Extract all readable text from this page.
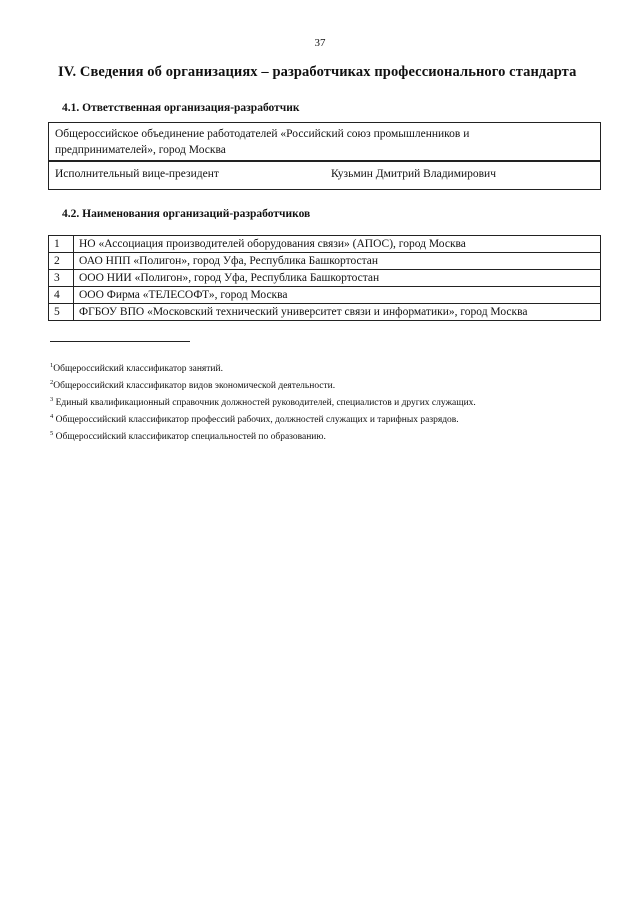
37
IV. Сведения об организациях – разработчиках профессионального стандарта
4.1. Ответственная организация-разработчик
Общероссийское объединение работодателей «Российский союз промышленников и
предпринимателей», город Москва
Исполнительный вице-президент	Кузьмин Дмитрий Владимирович
4.2. Наименования организаций-разработчиков
1	НО «Ассоциация производителей оборудования связи» (АПОС), город Москва
2	ОАО НПП «Полигон», город Уфа, Республика Башкортостан
3	ООО НИИ «Полигон», город Уфа, Республика Башкортостан
4	ООО Фирма «ТЕЛЕСОФТ», город Москва
5	ФГБОУ ВПО «Московский технический университет связи и информатики», город Москва
$^1$Общероссийский классификатор занятий.
$^2$Общероссийский классификатор видов экономической деятельности.
$^3$ Единый квалификационный справочник должностей руководителей, специалистов и других служащих.
$^4$ Общероссийский классификатор профессий рабочих, должностей служащих и тарифных разрядов.
$^5$ Общероссийский классификатор специальностей по образованию.
